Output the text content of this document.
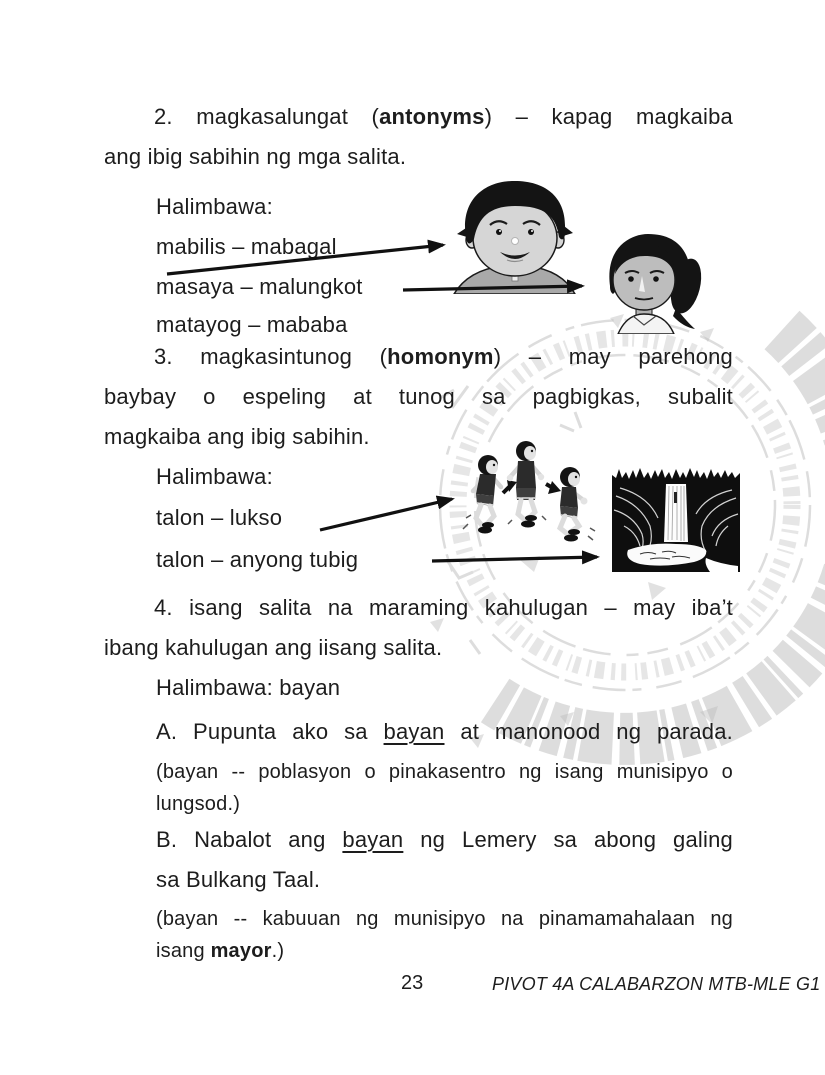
2. magkasalungat (antonyms) – kapag magkaiba
ang ibig sabihin ng mga salita.
Halimbawa:
mabilis – mabagal
masaya – malungkot
matayog – mababa
3. magkasintunog (homonym) – may parehong
baybay o espeling at tunog sa pagbigkas, subalit
magkaiba ang ibig sabihin.
Halimbawa:
talon – lukso
talon – anyong tubig
4. isang salita na maraming kahulugan – may iba’t
ibang kahulugan ang iisang salita.
Halimbawa: bayan
A. Pupunta ako sa bayan at manonood ng parada.
(bayan -- poblasyon o pinakasentro ng isang munisipyo o
lungsod.)
B. Nabalot ang bayan ng Lemery sa abong galing
sa Bulkang Taal.
(bayan -- kabuuan ng munisipyo na pinamamahalaan ng
isang mayor.)
23	PIVOT 4A CALABARZON MTB-MLE G1
